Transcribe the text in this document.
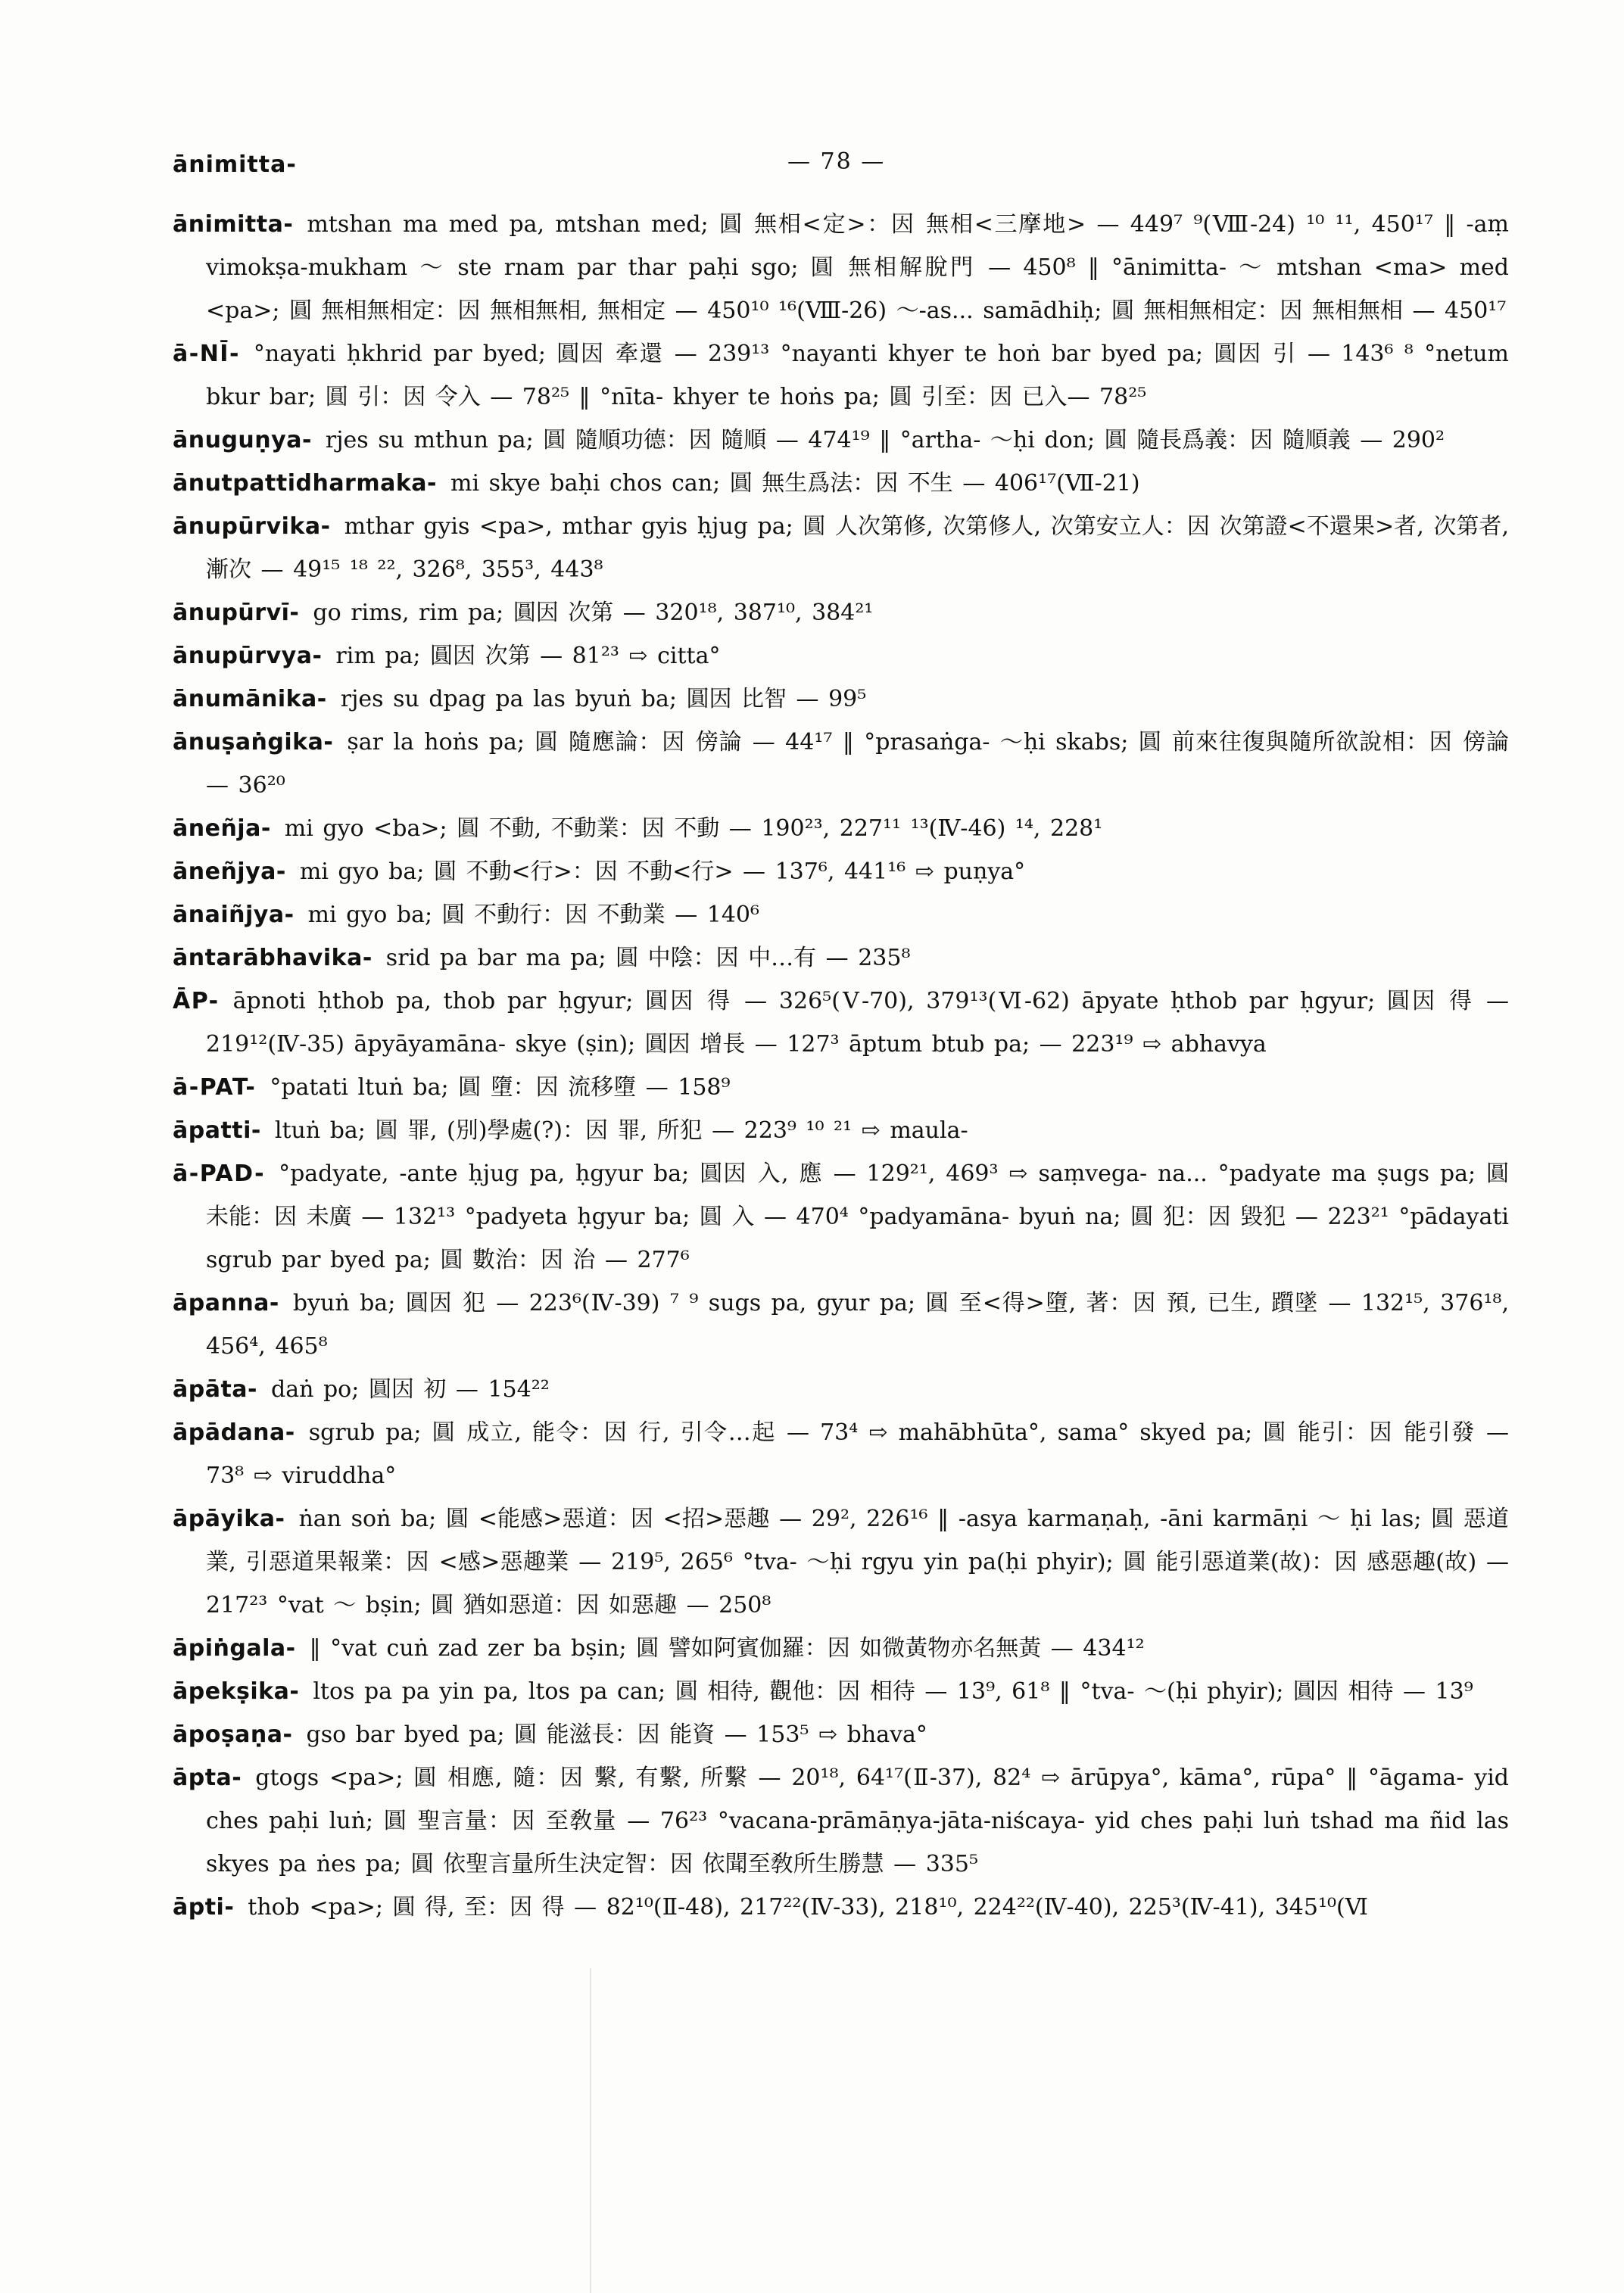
ānimitta-	— 78 —

ānimitta- mtshan ma med pa, mtshan med; 圓 無相<定>：因 無相<三摩地> — 449⁷ ⁹(Ⅷ-24) ¹⁰ ¹¹, 450¹⁷ ‖ -aṃ vimokṣa-mukham ～ ste rnam par thar paḥi sgo; 圓 無相解脫門 — 450⁸ ‖ °ānimitta- ～ mtshan <ma> med <pa>; 圓 無相無相定：因 無相無相, 無相定 — 450¹⁰ ¹⁶(Ⅷ-26) ～-as... samādhiḥ; 圓 無相無相定：因 無相無相 — 450¹⁷

ā-NĪ- °nayati ḥkhrid par byed; 圓因 牽還 — 239¹³ °nayanti khyer te hoṅ bar byed pa; 圓因 引 — 143⁶ ⁸ °netum bkur bar; 圓 引：因 令入 — 78²⁵ ‖ °nīta- khyer te hoṅs pa; 圓 引至：因 已入— 78²⁵

ānuguṇya- rjes su mthun pa; 圓 隨順功德：因 隨順 — 474¹⁹ ‖ °artha- ～ḥi don; 圓 隨長爲義：因 隨順義 — 290²

ānutpattidharmaka- mi skye baḥi chos can; 圓 無生爲法：因 不生 — 406¹⁷(Ⅶ-21)

ānupūrvika- mthar gyis <pa>, mthar gyis ḥjug pa; 圓 人次第修, 次第修人, 次第安立人：因 次第證<不還果>者, 次第者, 漸次 — 49¹⁵ ¹⁸ ²², 326⁸, 355³, 443⁸

ānupūrvī- go rims, rim pa; 圓因 次第 — 320¹⁸, 387¹⁰, 384²¹

ānupūrvya- rim pa; 圓因 次第 — 81²³ ⇨ citta°

ānumānika- rjes su dpag pa las byuṅ ba; 圓因 比智 — 99⁵

ānuṣaṅgika- ṣar la hoṅs pa; 圓 隨應論：因 傍論 — 44¹⁷ ‖ °prasaṅga- ～ḥi skabs; 圓 前來往復與隨所欲說相：因 傍論 — 36²⁰

āneñja- mi gyo <ba>; 圓 不動, 不動業：因 不動 — 190²³, 227¹¹ ¹³(Ⅳ-46) ¹⁴, 228¹

āneñjya- mi gyo ba; 圓 不動<行>：因 不動<行> — 137⁶, 441¹⁶ ⇨ puṇya°

ānaiñjya- mi gyo ba; 圓 不動行：因 不動業 — 140⁶

āntarābhavika- srid pa bar ma pa; 圓 中陰：因 中…有 — 235⁸

ĀP- āpnoti ḥthob pa, thob par ḥgyur; 圓因 得 — 326⁵(Ⅴ-70), 379¹³(Ⅵ-62) āpyate ḥthob par ḥgyur; 圓因 得 — 219¹²(Ⅳ-35) āpyāyamāna- skye (ṣin); 圓因 增長 — 127³ āptum btub pa; — 223¹⁹ ⇨ abhavya

ā-PAT- °patati ltuṅ ba; 圓 墮：因 流移墮 — 158⁹

āpatti- ltuṅ ba; 圓 罪, (別)學處(?)：因 罪, 所犯 — 223⁹ ¹⁰ ²¹ ⇨ maula-

ā-PAD- °padyate, -ante ḥjug pa, ḥgyur ba; 圓因 入, 應 — 129²¹, 469³ ⇨ saṃvega- na... °padyate ma ṣugs pa; 圓 未能：因 未廣 — 132¹³ °padyeta ḥgyur ba; 圓 入 — 470⁴ °padyamāna- byuṅ na; 圓 犯：因 毀犯 — 223²¹ °pādayati sgrub par byed pa; 圓 數治：因 治 — 277⁶

āpanna- byuṅ ba; 圓因 犯 — 223⁶(Ⅳ-39) ⁷ ⁹ sugs pa, gyur pa; 圓 至<得>墮, 著：因 預, 已生, 躓墜 — 132¹⁵, 376¹⁸, 456⁴, 465⁸

āpāta- daṅ po; 圓因 初 — 154²²

āpādana- sgrub pa; 圓 成立, 能令：因 行, 引令…起 — 73⁴ ⇨ mahābhūta°, sama° skyed pa; 圓 能引：因 能引發 — 73⁸ ⇨ viruddha°

āpāyika- ṅan soṅ ba; 圓 <能感>惡道：因 <招>惡趣 — 29², 226¹⁶ ‖ -asya karmaṇaḥ, -āni karmāṇi ～ ḥi las; 圓 惡道業, 引惡道果報業：因 <感>惡趣業 — 219⁵, 265⁶ °tva- ～ḥi rgyu yin pa(ḥi phyir); 圓 能引惡道業(故)：因 感惡趣(故) — 217²³ °vat ～ bṣin; 圓 猶如惡道：因 如惡趣 — 250⁸

āpiṅgala- ‖ °vat cuṅ zad zer ba bṣin; 圓 譬如阿賓伽羅：因 如微黃物亦名無黃 — 434¹²

āpekṣika- ltos pa pa yin pa, ltos pa can; 圓 相待, 觀他：因 相待 — 13⁹, 61⁸ ‖ °tva- ～(ḥi phyir); 圓因 相待 — 13⁹

āpoṣaṇa- gso bar byed pa; 圓 能滋長：因 能資 — 153⁵ ⇨ bhava°

āpta- gtogs <pa>; 圓 相應, 隨：因 繫, 有繫, 所繫 — 20¹⁸, 64¹⁷(Ⅱ-37), 82⁴ ⇨ ārūpya°, kāma°, rūpa° ‖ °āgama- yid ches paḥi luṅ; 圓 聖言量：因 至敎量 — 76²³ °vacana-prāmāṇya-jāta-niścaya- yid ches paḥi luṅ tshad ma ñid las skyes pa ṅes pa; 圓 依聖言量所生決定智：因 依聞至敎所生勝慧 — 335⁵

āpti- thob <pa>; 圓 得, 至：因 得 — 82¹⁰(Ⅱ-48), 217²²(Ⅳ-33), 218¹⁰, 224²²(Ⅳ-40), 225³(Ⅳ-41), 345¹⁰(Ⅵ
